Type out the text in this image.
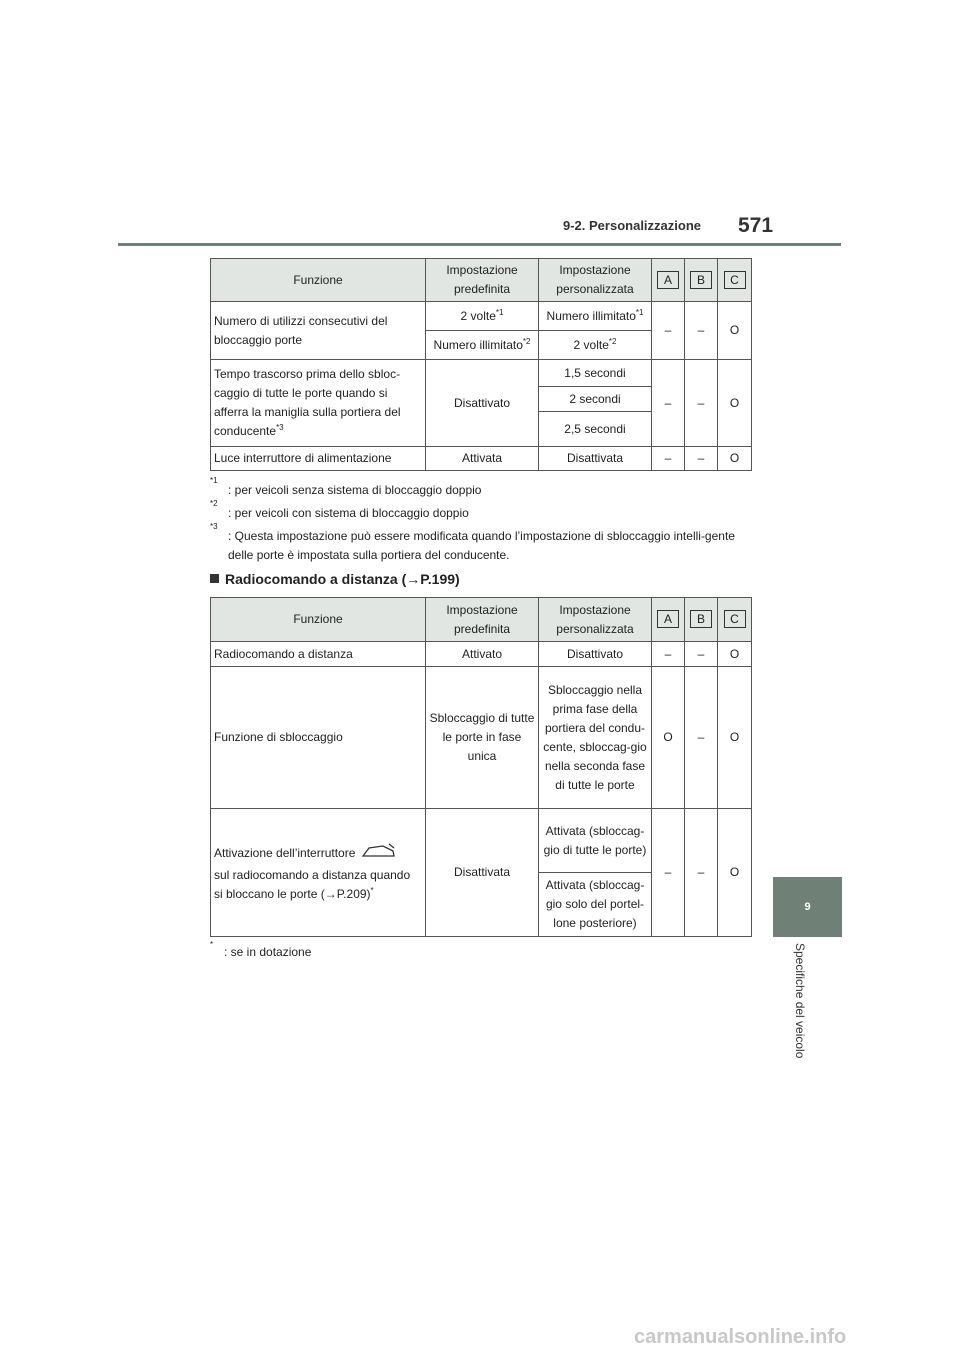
9-2. Personalizzazione 571
9
Specifiche del veicolo
Funzione	Impostazione predefinita	Impostazione personalizzata	A	B	C
Numero di utilizzi consecutivi del bloccaggio porte	2 volte$^{*1}$	Numero illimitato$^{*1}$	–	–	O
	Numero illimitato$^{*2}$	2 volte$^{*2}$
Tempo trascorso prima dello sbloc-caggio di tutte le porte quando si afferra la maniglia sulla portiera del conducente$^{*3}$	Disattivato	1,5 secondi	–	–	O
		2 secondi			
		2,5 secondi			
Luce interruttore di alimentazione	Attivata	Disattivata	–	–	O
*1
: per veicoli senza sistema di bloccaggio doppio
*2
: per veicoli con sistema di bloccaggio doppio
*3
: Questa impostazione può essere modificata quando l’impostazione di sbloccaggio intelli-gente delle porte è impostata sulla portiera del conducente.
Radiocomando a distanza (→P.199)
Funzione	Impostazione predefinita	Impostazione personalizzata	A	B	C
Radiocomando a distanza	Attivato	Disattivato	–	–	O
Funzione di sbloccaggio	Sbloccaggio di tutte le porte in fase unica	Sbloccaggio nella prima fase della portiera del condu-cente, sbloccag-gio nella seconda fase di tutte le porte	O	–	O
Attivazione dell’interruttore
sul radiocomando a distanza quando si bloccano le porte (→P.209)*	Disattivata	Attivata (sbloccag-gio di tutte le porte)	–	–	O
		Attivata (sbloccag-gio solo del portel-lone posteriore)			
*
: se in dotazione
carmanualsonline.info
